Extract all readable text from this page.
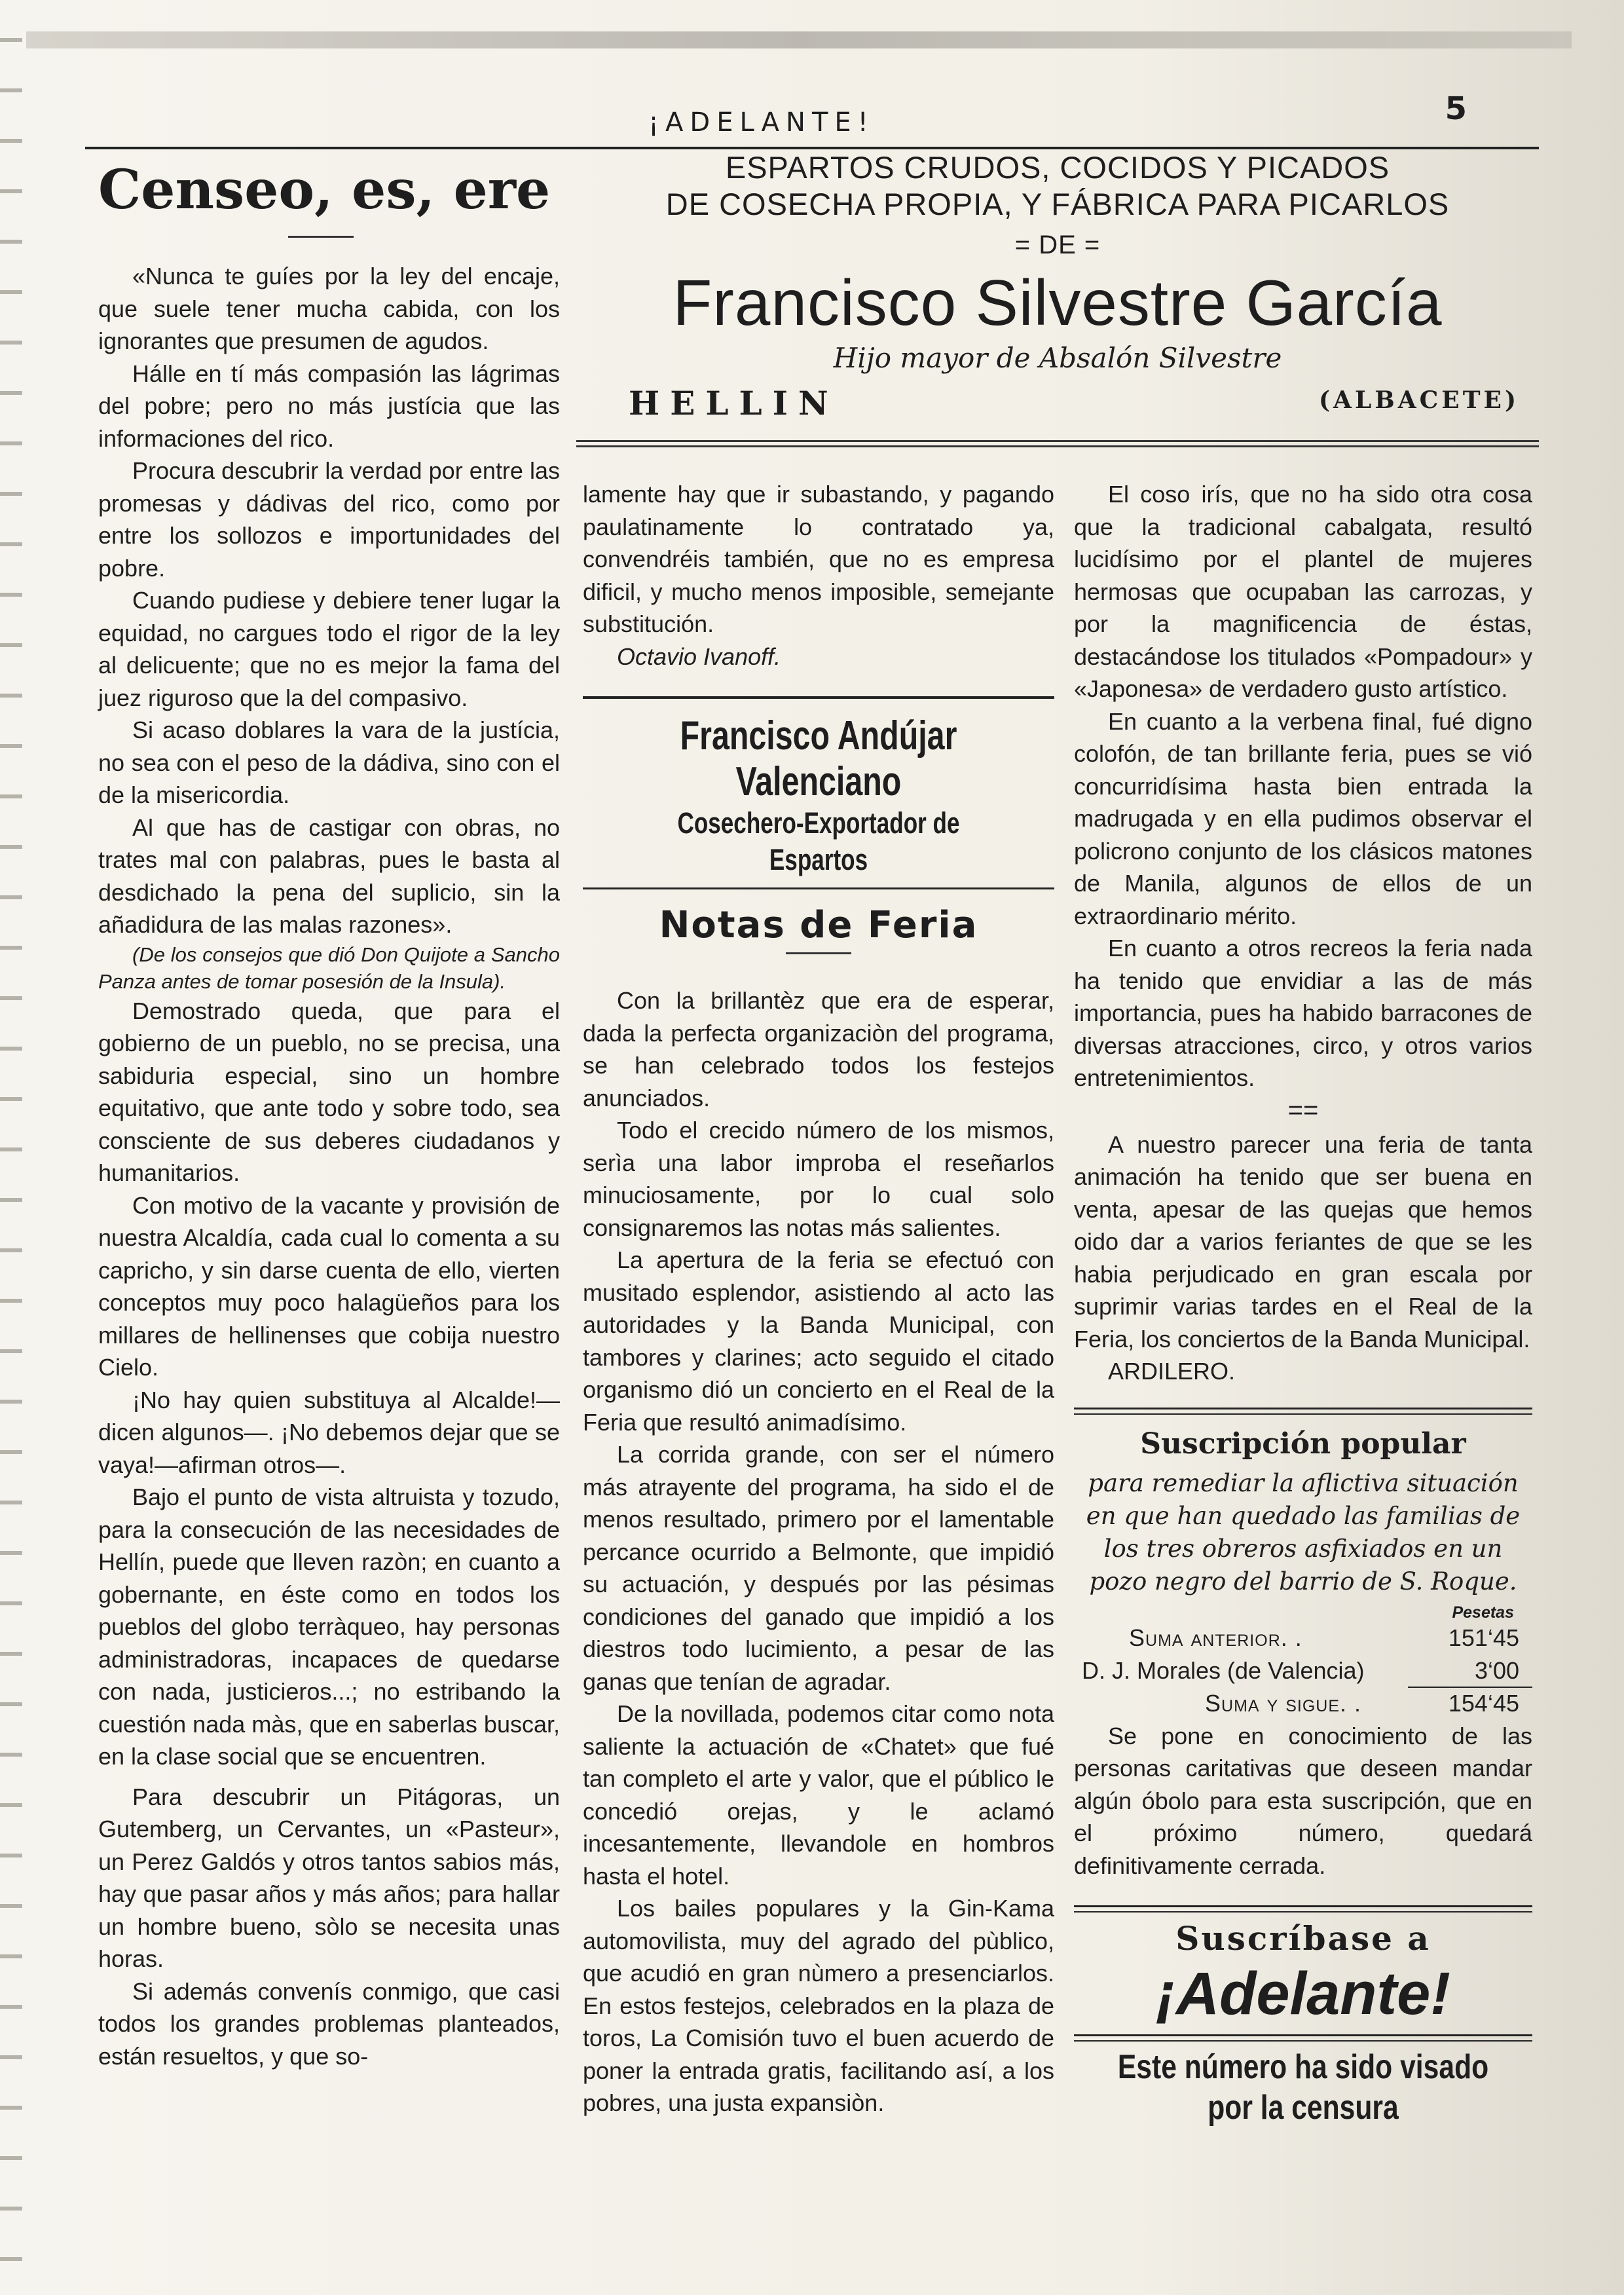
¡ADELANTE!	5
ESPARTOS CRUDOS, COCIDOS Y PICADOS
DE COSECHA PROPIA, Y FÁBRICA PARA PICARLOS
= DE =
Francisco Silvestre García
Hijo mayor de Absalón Silvestre
HELLIN	(ALBACETE)
Censeo, es, ere

«Nunca te guíes por la ley del encaje, que suele tener mucha cabida, con los ignorantes que presumen de agudos.

Hálle en tí más compasión las lágrimas del pobre; pero no más justícia que las informaciones del rico.

Procura descubrir la verdad por entre las promesas y dádivas del rico, como por entre los sollozos e importunidades del pobre.

Cuando pudiese y debiere tener lugar la equidad, no cargues todo el rigor de la ley al delicuente; que no es mejor la fama del juez riguroso que la del compasivo.

Si acaso doblares la vara de la justícia, no sea con el peso de la dádiva, sino con el de la misericordia.

Al que has de castigar con obras, no trates mal con palabras, pues le basta al desdichado la pena del suplicio, sin la añadidura de las malas razones».

(De los consejos que dió Don Quijote a Sancho Panza antes de tomar posesión de la Insula).

Demostrado queda, que para el gobierno de un pueblo, no se precisa, una sabiduria especial, sino un hombre equitativo, que ante todo y sobre todo, sea consciente de sus deberes ciudadanos y humanitarios.

Con motivo de la vacante y provisión de nuestra Alcaldía, cada cual lo comenta a su capricho, y sin darse cuenta de ello, vierten conceptos muy poco halagüeños para los millares de hellinenses que cobija nuestro Cielo.

¡No hay quien substituya al Alcalde!—dicen algunos—. ¡No debemos dejar que se vaya!—afirman otros—.

Bajo el punto de vista altruista y tozudo, para la consecución de las necesidades de Hellín, puede que lleven razòn; en cuanto a gobernante, en éste como en todos los pueblos del globo terràqueo, hay personas administradoras, incapaces de quedarse con nada, justicieros...; no estribando la cuestión nada màs, que en saberlas buscar, en la clase social que se encuentren.

Para descubrir un Pitágoras, un Gutemberg, un Cervantes, un «Pasteur», un Perez Galdós y otros tantos sabios más, hay que pasar años y más años; para hallar un hombre bueno, sòlo se necesita unas horas.

Si además convenís conmigo, que casi todos los grandes problemas planteados, están resueltos, y que so-

lamente hay que ir subastando, y pagando paulatinamente lo contratado ya, convendréis también, que no es empresa dificil, y mucho menos imposible, semejante substitución.

Octavio Ivanoff.

Francisco Andújar Valenciano
Cosechero-Exportador de Espartos
Notas de Feria

Con la brillantèz que era de esperar, dada la perfecta organizaciòn del programa, se han celebrado todos los festejos anunciados.

Todo el crecido número de los mismos, serìa una labor improba el reseñarlos minuciosamente, por lo cual solo consignaremos las notas más salientes.

La apertura de la feria se efectuó con musitado esplendor, asistiendo al acto las autoridades y la Banda Municipal, con tambores y clarines; acto seguido el citado organismo dió un concierto en el Real de la Feria que resultó animadísimo.

La corrida grande, con ser el número más atrayente del programa, ha sido el de menos resultado, primero por el lamentable percance ocurrido a Belmonte, que impidió su actuación, y después por las pésimas condiciones del ganado que impidió a los diestros todo lucimiento, a pesar de las ganas que tenían de agradar.

De la novillada, podemos citar como nota saliente la actuación de «Chatet» que fué tan completo el arte y valor, que el público le concedió orejas, y le aclamó incesantemente, llevandole en hombros hasta el hotel.

Los bailes populares y la Gin-Kama automovilista, muy del agrado del pùblico, que acudió en gran nùmero a presenciarlos. En estos festejos, celebrados en la plaza de toros, La Comisión tuvo el buen acuerdo de poner la entrada gratis, facilitando así, a los pobres, una justa expansiòn.

El coso irís, que no ha sido otra cosa que la tradicional cabalgata, resultó lucidísimo por el plantel de mujeres hermosas que ocupaban las carrozas, y por la magnificencia de éstas, destacándose los titulados «Pompadour» y «Japonesa» de verdadero gusto artístico.

En cuanto a la verbena final, fué digno colofón, de tan brillante feria, pues se vió concurridísima hasta bien entrada la madrugada y en ella pudimos observar el policrono conjunto de los clásicos matones de Manila, algunos de ellos de un extraordinario mérito.

En cuanto a otros recreos la feria nada ha tenido que envidiar a las de más importancia, pues ha habido barracones de diversas atracciones, circo, y otros varios entretenimientos.

==

A nuestro parecer una feria de tanta animación ha tenido que ser buena en venta, apesar de las quejas que hemos oido dar a varios feriantes de que se les habia perjudicado en gran escala por suprimir varias tardes en el Real de la Feria, los conciertos de la Banda Municipal.

ARDILERO.

Suscripción popular
para remediar la aflictiva situación en que han quedado las familias de los tres obreros asfixiados en un pozo negro del barrio de S. Roque.
Pesetas
Suma anterior. .	151‘45
D. J. Morales (de Valencia)	3‘00
Suma y sigue. .	154‘45

Se pone en conocimiento de las personas caritativas que deseen mandar algún óbolo para esta suscripción, que en el próximo número, quedará definitivamente cerrada.

Suscríbase a
¡Adelante!
Este número ha sido visado por la censura
